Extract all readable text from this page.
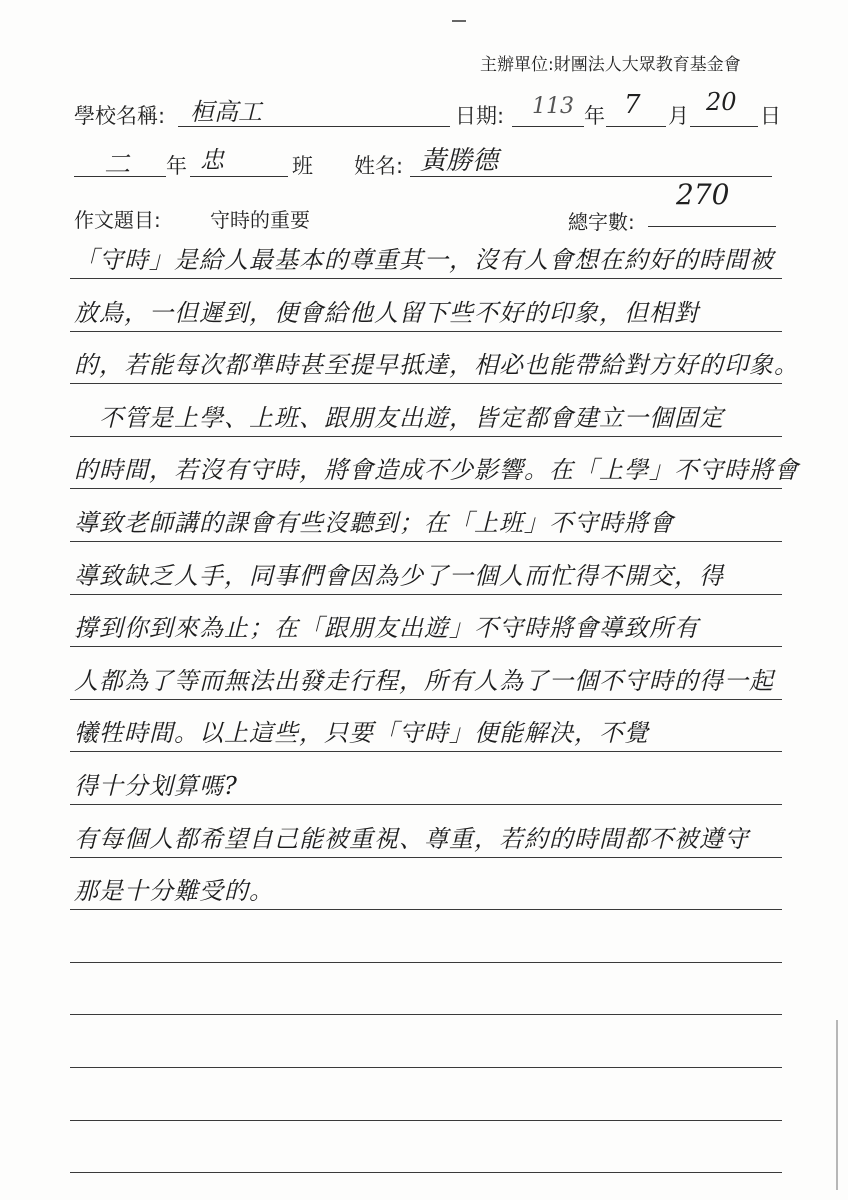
主辦單位:財團法人大眾教育基金會
學校名稱: 桓高工	日期: 113 年 7 月 20 日
二 年 忠	班 姓名: 黃勝德
作文題目: 守時的重要	總字數:
270
「守時」是給人最基本的尊重其一，沒有人會想在約好的時間被
放鳥，一但遲到，便會給他人留下些不好的印象，但相對
的，若能每次都準時甚至提早抵達，相必也能帶給對方好的印象。
　不管是上學、上班、跟朋友出遊，皆定都會建立一個固定
的時間，若沒有守時，將會造成不少影響。在「上學」不守時將會
導致老師講的課會有些沒聽到；在「上班」不守時將會
導致缺乏人手，同事們會因為少了一個人而忙得不開交，得
撐到你到來為止；在「跟朋友出遊」不守時將會導致所有
人都為了等而無法出發走行程，所有人為了一個不守時的得一起
犧牲時間。以上這些，只要「守時」便能解決，不覺
得十分划算嗎?
有每個人都希望自己能被重視、尊重，若約的時間都不被遵守
那是十分難受的。
